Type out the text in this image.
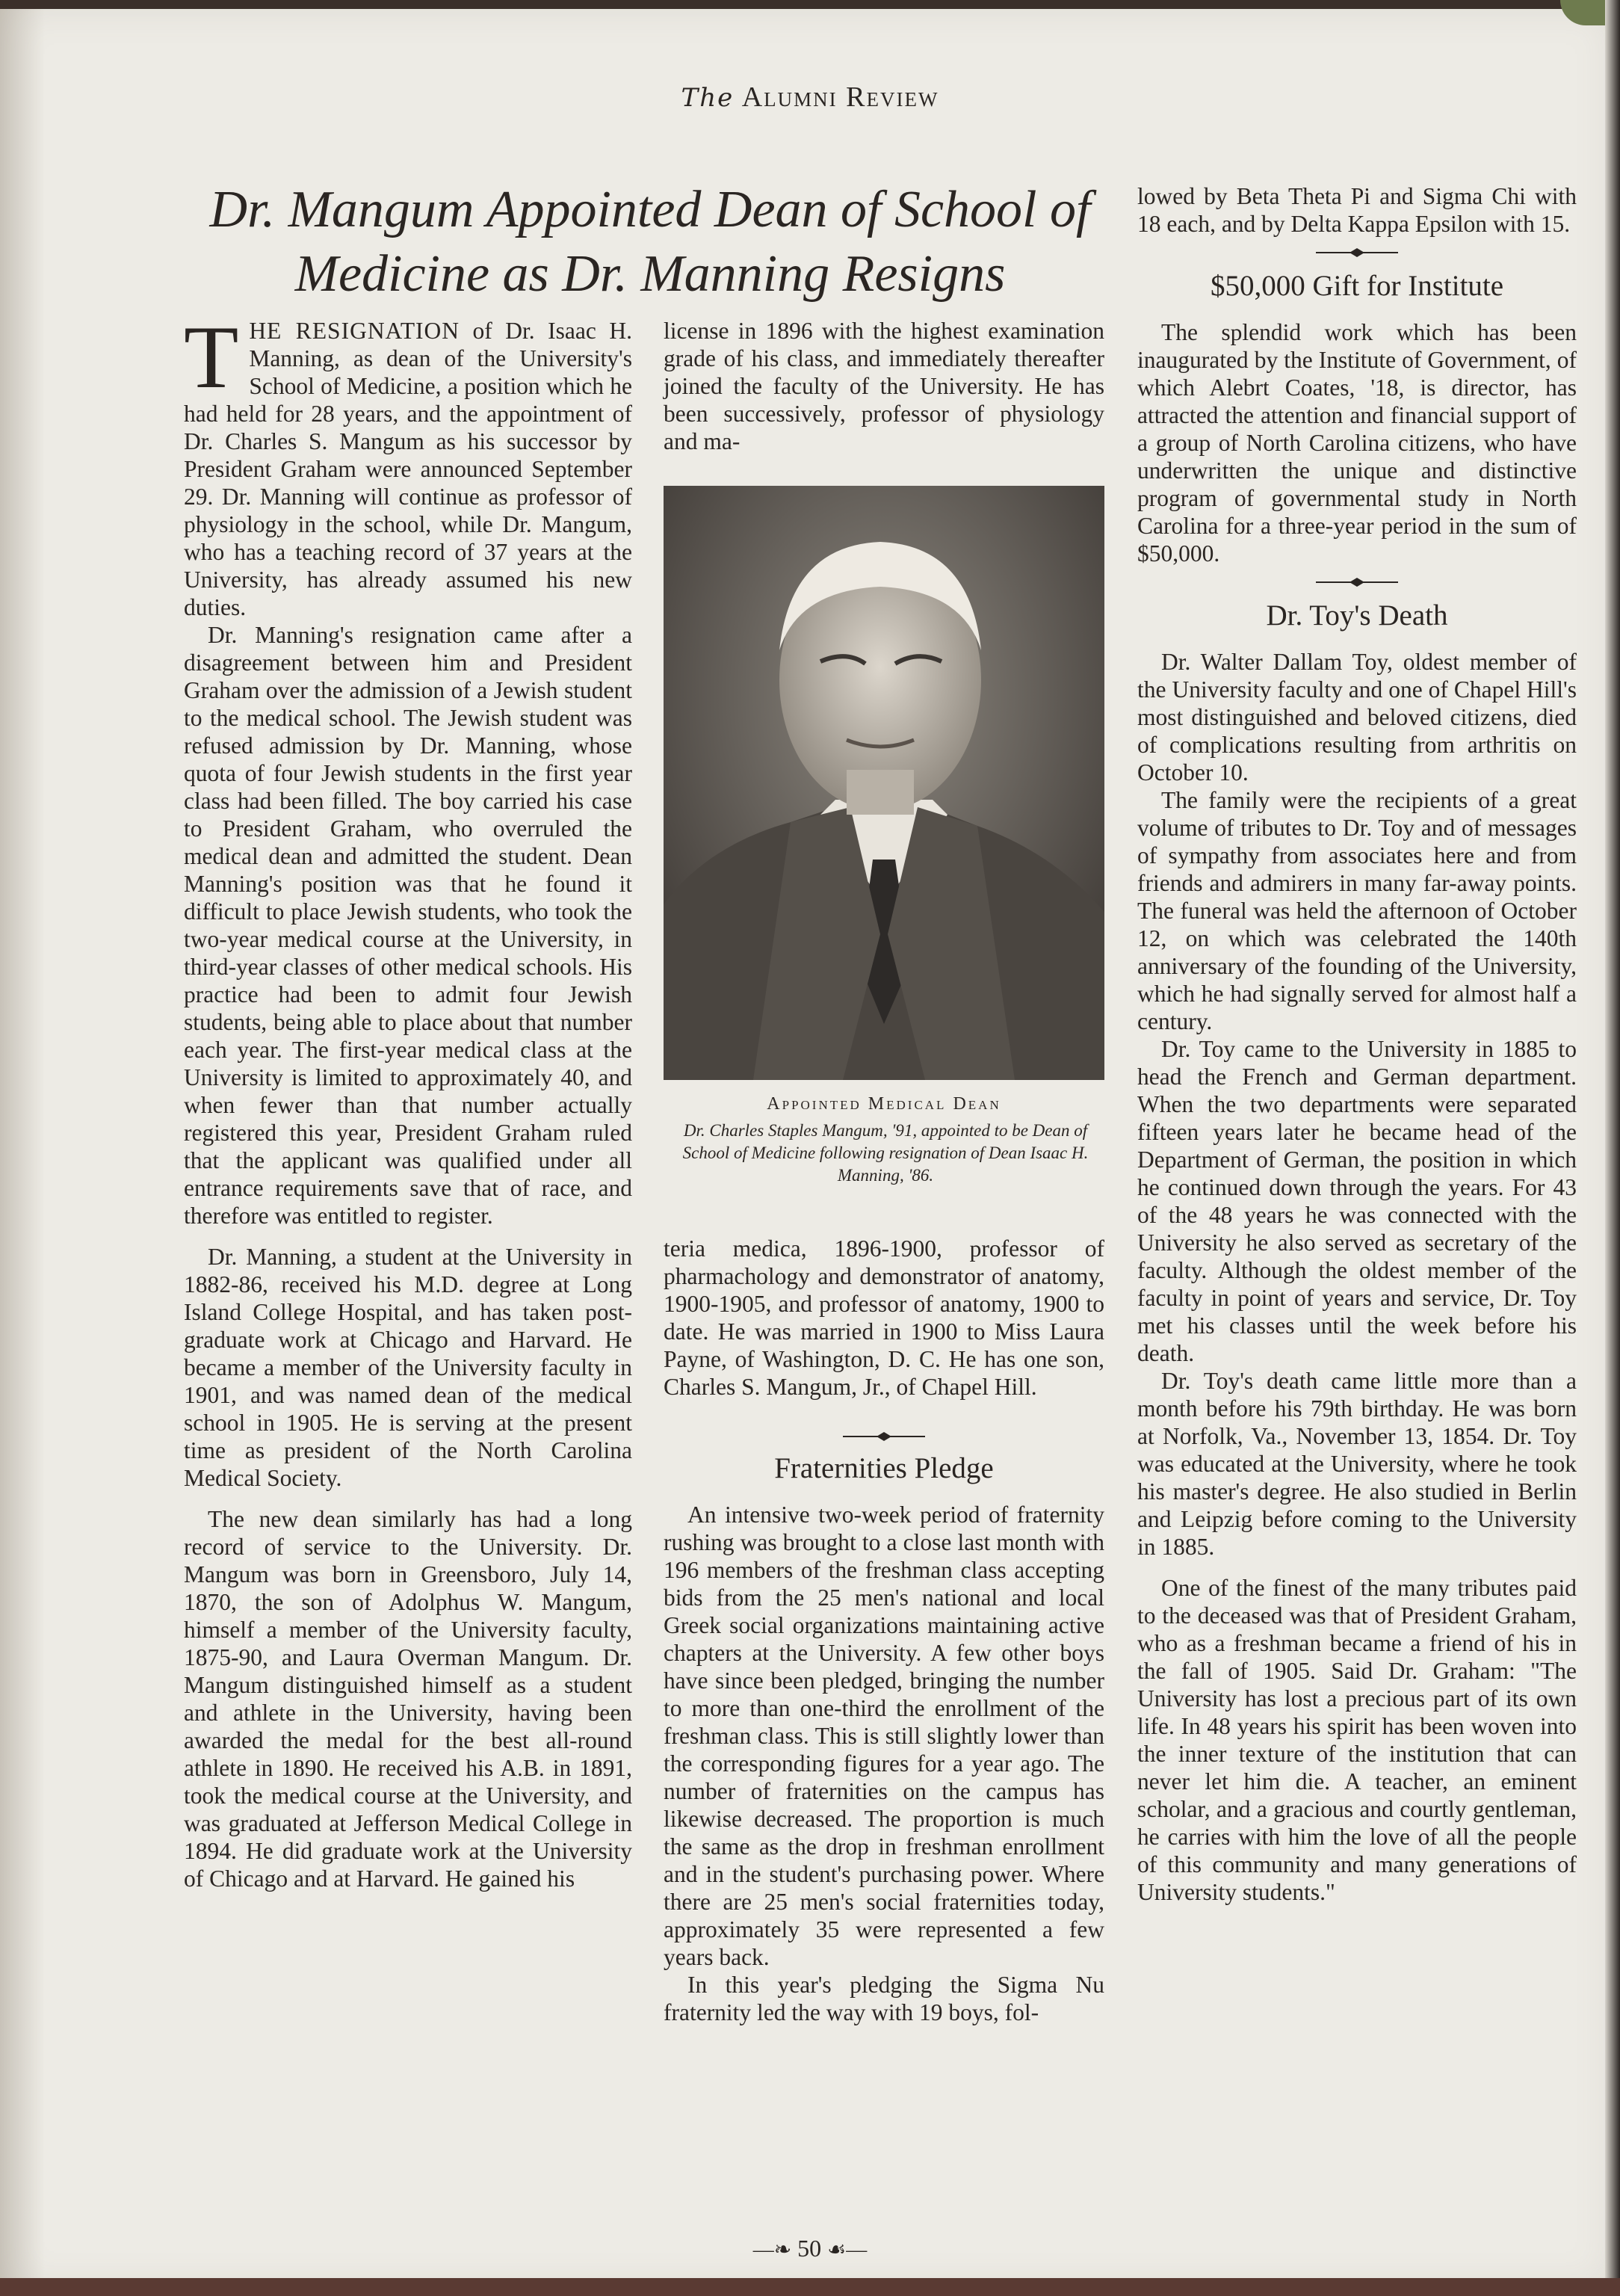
The Alumni Review
Dr. Mangum Appointed Dean of School of
Medicine as Dr. Manning Resigns

THE RESIGNATION of Dr. Isaac H. Manning, as dean of the University's School of Medicine, a position which he had held for 28 years, and the appointment of Dr. Charles S. Mangum as his successor by President Graham were announced September 29. Dr. Manning will continue as professor of physiology in the school, while Dr. Mangum, who has a teaching record of 37 years at the University, has already assumed his new duties.

Dr. Manning's resignation came after a disagreement between him and President Graham over the admission of a Jewish student to the medical school. The Jewish student was refused admission by Dr. Manning, whose quota of four Jewish students in the first year class had been filled. The boy carried his case to President Graham, who overruled the medical dean and admitted the student. Dean Manning's position was that he found it difficult to place Jewish students, who took the two-year medical course at the University, in third-year classes of other medical schools. His practice had been to admit four Jewish students, being able to place about that number each year. The first-year medical class at the University is limited to approximately 40, and when fewer than that number actually registered this year, President Graham ruled that the applicant was qualified under all entrance requirements save that of race, and therefore was entitled to register.

Dr. Manning, a student at the University in 1882-86, received his M.D. degree at Long Island College Hospital, and has taken post-graduate work at Chicago and Harvard. He became a member of the University faculty in 1901, and was named dean of the medical school in 1905. He is serving at the present time as president of the North Carolina Medical Society.

The new dean similarly has had a long record of service to the University. Dr. Mangum was born in Greensboro, July 14, 1870, the son of Adolphus W. Mangum, himself a member of the University faculty, 1875-90, and Laura Overman Mangum. Dr. Mangum distinguished himself as a student and athlete in the University, having been awarded the medal for the best all-round athlete in 1890. He received his A.B. in 1891, took the medical course at the University, and was graduated at Jefferson Medical College in 1894. He did graduate work at the University of Chicago and at Harvard. He gained his

license in 1896 with the highest examination grade of his class, and immediately thereafter joined the faculty of the University. He has been successively, professor of physiology and ma-

Appointed Medical Dean
Dr. Charles Staples Mangum, '91, appointed to be Dean of School of Medicine following resignation of Dean Isaac H. Manning, '86.

teria medica, 1896-1900, professor of pharmachology and demonstrator of anatomy, 1900-1905, and professor of anatomy, 1900 to date. He was married in 1900 to Miss Laura Payne, of Washington, D. C. He has one son, Charles S. Mangum, Jr., of Chapel Hill.

Fraternities Pledge

An intensive two-week period of fraternity rushing was brought to a close last month with 196 members of the freshman class accepting bids from the 25 men's national and local Greek social organizations maintaining active chapters at the University. A few other boys have since been pledged, bringing the number to more than one-third the enrollment of the freshman class. This is still slightly lower than the corresponding figures for a year ago. The number of fraternities on the campus has likewise decreased. The proportion is much the same as the drop in freshman enrollment and in the student's purchasing power. Where there are 25 men's social fraternities today, approximately 35 were represented a few years back.

In this year's pledging the Sigma Nu fraternity led the way with 19 boys, fol-

lowed by Beta Theta Pi and Sigma Chi with 18 each, and by Delta Kappa Epsilon with 15.

$50,000 Gift for Institute

The splendid work which has been inaugurated by the Institute of Government, of which Alebrt Coates, '18, is director, has attracted the attention and financial support of a group of North Carolina citizens, who have underwritten the unique and distinctive program of governmental study in North Carolina for a three-year period in the sum of $50,000.

Dr. Toy's Death

Dr. Walter Dallam Toy, oldest member of the University faculty and one of Chapel Hill's most distinguished and beloved citizens, died of complications resulting from arthritis on October 10.

The family were the recipients of a great volume of tributes to Dr. Toy and of messages of sympathy from associates here and from friends and admirers in many far-away points. The funeral was held the afternoon of October 12, on which was celebrated the 140th anniversary of the founding of the University, which he had signally served for almost half a century.

Dr. Toy came to the University in 1885 to head the French and German department. When the two departments were separated fifteen years later he became head of the Department of German, the position in which he continued down through the years. For 43 of the 48 years he was connected with the University he also served as secretary of the faculty. Although the oldest member of the faculty in point of years and service, Dr. Toy met his classes until the week before his death.

Dr. Toy's death came little more than a month before his 79th birthday. He was born at Norfolk, Va., November 13, 1854. Dr. Toy was educated at the University, where he took his master's degree. He also studied in Berlin and Leipzig before coming to the University in 1885.

One of the finest of the many tributes paid to the deceased was that of President Graham, who as a freshman became a friend of his in the fall of 1905. Said Dr. Graham: "The University has lost a precious part of its own life. In 48 years his spirit has been woven into the inner texture of the institution that can never let him die. A teacher, an eminent scholar, and a gracious and courtly gentleman, he carries with him the love of all the people of this community and many generations of University students."

—❧ 50 ☙—
